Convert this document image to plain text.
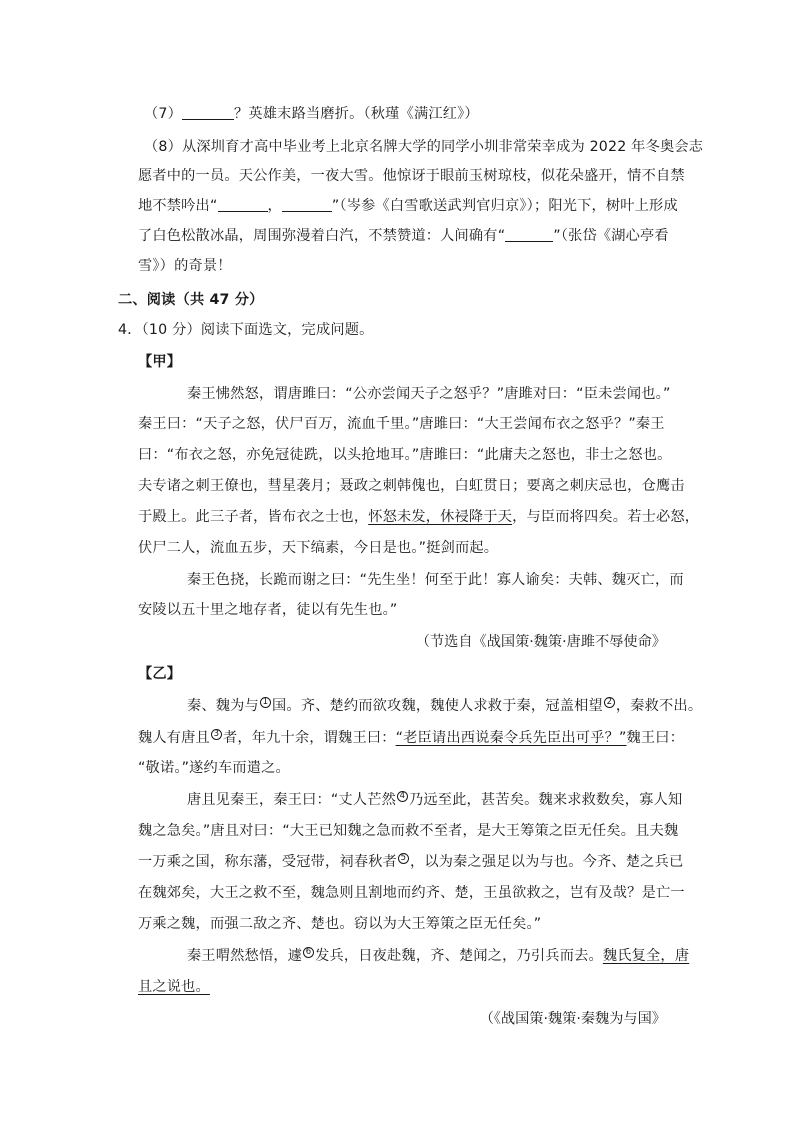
（7）	？英雄末路当磨折。（秋瑾《满江红》）
（8）从深圳育才高中毕业考上北京名牌大学的同学小圳非常荣幸成为 2022 年冬奥会志
愿者中的一员。天公作美，一夜大雪。他惊讶于眼前玉树琼枝，似花朵盛开，情不自禁
地不禁吟出“	，	”（岑参《白雪歌送武判官归京》）；阳光下，树叶上形成
了白色松散冰晶，周围弥漫着白汽，不禁赞道：人间确有“	”（张岱《湖心亭看
雪》）的奇景！
二、阅读（共 47 分）
4．（10 分）阅读下面选文，完成问题。
【甲】
秦王怫然怒，谓唐雎曰：“公亦尝闻天子之怒乎？”唐雎对曰：“臣未尝闻也。”
秦王曰：“天子之怒，伏尸百万，流血千里。”唐雎曰：“大王尝闻布衣之怒乎？”秦王
曰：“布衣之怒，亦免冠徒跣，以头抢地耳。”唐雎曰：“此庸夫之怒也，非士之怒也。
夫专诸之刺王僚也，彗星袭月；聂政之刺韩傀也，白虹贯日；要离之刺庆忌也，仓鹰击
于殿上。此三子者，皆布衣之士也，怀怒未发，休祲降于天，与臣而将四矣。若士必怒，
伏尸二人，流血五步，天下缟素，今日是也。”挺剑而起。
秦王色挠，长跪而谢之曰：“先生坐！何至于此！寡人谕矣：夫韩、魏灭亡，而
安陵以五十里之地存者，徒以有先生也。”
（节选自《战国策·魏策·唐雎不辱使命》
【乙】
秦、魏为与 1 国。齐、楚约而欲攻魏，魏使人求救于秦，冠盖相望 2 ，秦救不出。
魏人有唐且 3 者，年九十余，谓魏王曰：“老臣请出西说秦令兵先臣出可乎？”魏王曰：
“敬诺。”遂约车而遣之。
唐且见秦王，秦王曰：“丈人芒然 4 乃远至此，甚苦矣。魏来求救数矣，寡人知
魏之急矣。”唐且对曰：“大王已知魏之急而救不至者，是大王筹策之臣无任矣。且夫魏
一万乘之国，称东藩，受冠带，祠春秋者 5 ，以为秦之强足以为与也。今齐、楚之兵已
在魏郊矣，大王之救不至，魏急则且割地而约齐、楚，王虽欲救之，岂有及哉？是亡一
万乘之魏，而强二敌之齐、楚也。窃以为大王筹策之臣无任矣。”
秦王喟然愁悟，遽 6 发兵，日夜赴魏，齐、楚闻之，乃引兵而去。魏氏复全，唐
且之说也。
（《战国策·魏策·秦魏为与国》
